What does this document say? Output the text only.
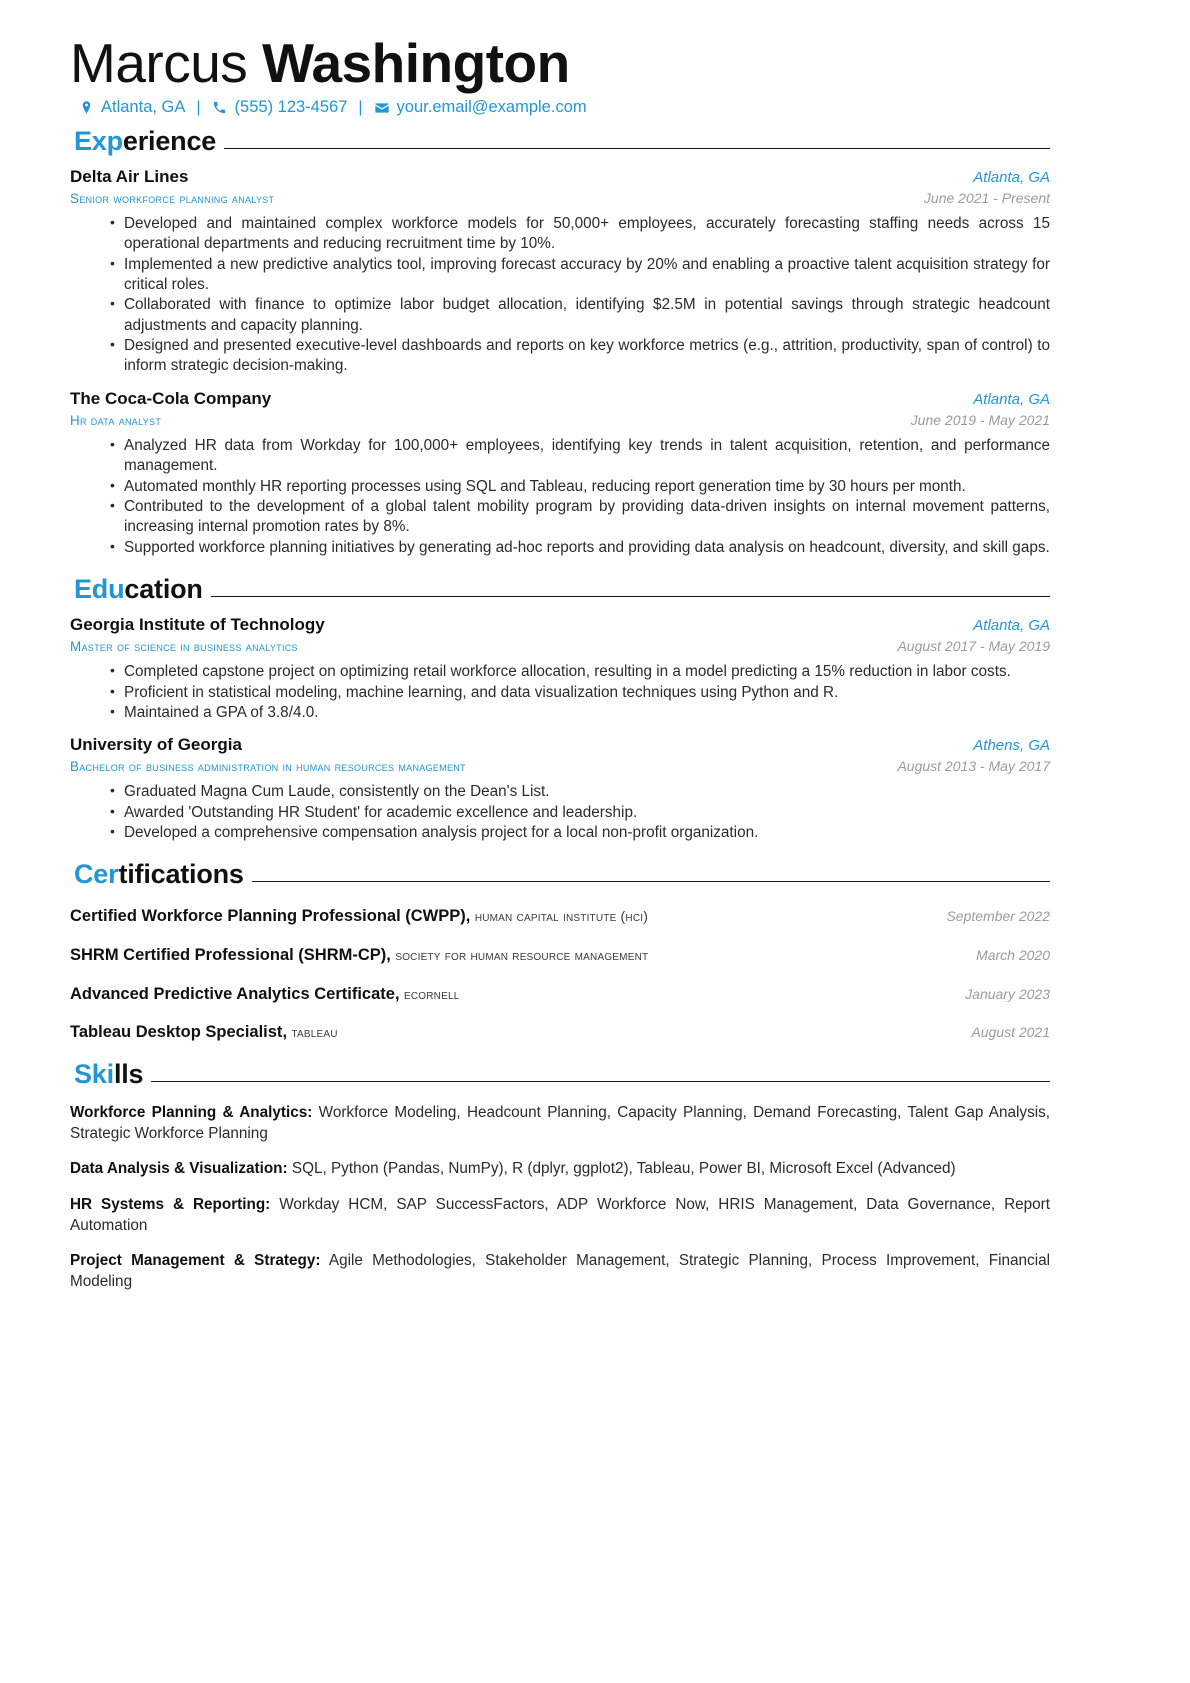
Marcus Washington
Atlanta, GA |	(555) 123-4567 |	your.email@example.com
Experience
Delta Air Lines	Atlanta, GA
Senior workforce planning analyst	June 2021 - Present
• Developed and maintained complex workforce models for 50,000+ employees, accurately forecasting staffing needs across 15 operational departments and reducing recruitment time by 10%.
• Implemented a new predictive analytics tool, improving forecast accuracy by 20% and enabling a proactive talent acquisition strategy for critical roles.
• Collaborated with finance to optimize labor budget allocation, identifying $2.5M in potential savings through strategic headcount adjustments and capacity planning.
• Designed and presented executive-level dashboards and reports on key workforce metrics (e.g., attrition, productivity, span of control) to inform strategic decision-making.
The Coca-Cola Company	Atlanta, GA
Hr data analyst	June 2019 - May 2021
• Analyzed HR data from Workday for 100,000+ employees, identifying key trends in talent acquisition, retention, and performance management.
• Automated monthly HR reporting processes using SQL and Tableau, reducing report generation time by 30 hours per month.
• Contributed to the development of a global talent mobility program by providing data-driven insights on internal movement patterns, increasing internal promotion rates by 8%.
• Supported workforce planning initiatives by generating ad-hoc reports and providing data analysis on headcount, diversity, and skill gaps.
Education
Georgia Institute of Technology	Atlanta, GA
Master of science in business analytics	August 2017 - May 2019
• Completed capstone project on optimizing retail workforce allocation, resulting in a model predicting a 15% reduction in labor costs.
• Proficient in statistical modeling, machine learning, and data visualization techniques using Python and R.
• Maintained a GPA of 3.8/4.0.
University of Georgia	Athens, GA
Bachelor of business administration in human resources management	August 2013 - May 2017
• Graduated Magna Cum Laude, consistently on the Dean's List.
• Awarded 'Outstanding HR Student' for academic excellence and leadership.
• Developed a comprehensive compensation analysis project for a local non-profit organization.
Certifications
Certified Workforce Planning Professional (CWPP), human capital institute (hci)	September 2022
SHRM Certified Professional (SHRM-CP), society for human resource management	March 2020
Advanced Predictive Analytics Certificate, ecornell	January 2023
Tableau Desktop Specialist, tableau	August 2021
Skills
Workforce Planning & Analytics: Workforce Modeling, Headcount Planning, Capacity Planning, Demand Forecasting, Talent Gap Analysis, Strategic Workforce Planning
Data Analysis & Visualization: SQL, Python (Pandas, NumPy), R (dplyr, ggplot2), Tableau, Power BI, Microsoft Excel (Advanced)
HR Systems & Reporting: Workday HCM, SAP SuccessFactors, ADP Workforce Now, HRIS Management, Data Governance, Report Automation
Project Management & Strategy: Agile Methodologies, Stakeholder Management, Strategic Planning, Process Improvement, Financial Modeling
